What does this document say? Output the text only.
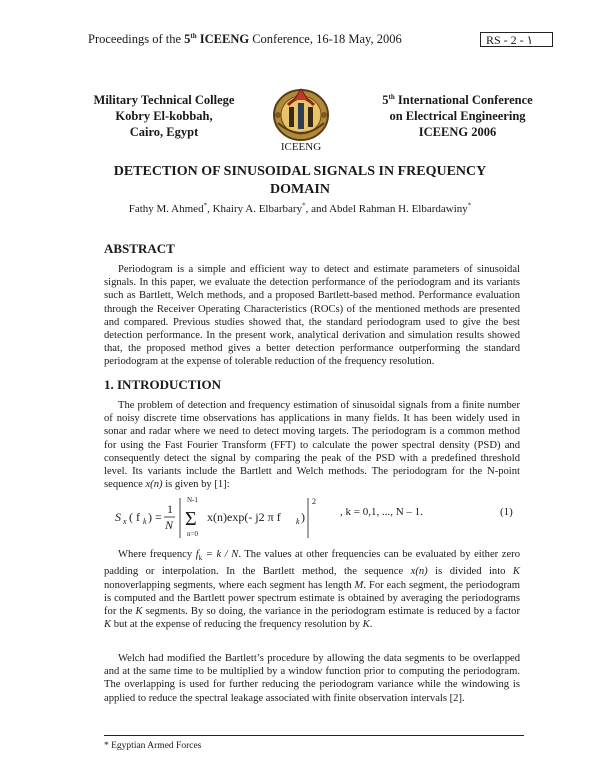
Proceedings of the 5th ICEENG Conference, 16-18 May, 2006	RS - 2 - ١
Military Technical College
Kobry El-kobbah,
Cairo, Egypt
ICEENG
5th International Conference
on Electrical Engineering
ICEENG 2006
DETECTION OF SINUSOIDAL SIGNALS IN FREQUENCY
DOMAIN
Fathy M. Ahmed*, Khairy A. Elbarbary*, and Abdel Rahman H. Elbardawiny*
ABSTRACT

Periodogram is a simple and efficient way to detect and estimate parameters of sinusoidal signals. In this paper, we evaluate the detection performance of the periodogram and its variants such as Bartlett, Welch methods, and a proposed Bartlett-based method. Performance evaluation through the Receiver Operating Characteristics (ROCs) of the mentioned methods are presented and compared. Previous studies showed that, the standard periodogram used to give the best detection performance. In the present work, analytical derivation and simulation results showed that, the proposed method gives a better detection performance outperforming the standard periodogram at the expense of tolerable reduction of the frequency resolution.

1. INTRODUCTION

The problem of detection and frequency estimation of sinusoidal signals from a finite number of noisy discrete time observations has applications in many fields. It has been widely used in sonar and radar where we need to detect moving targets. The periodogram is a common method for using the Fast Fourier Transform (FFT) to calculate the power spectral density (PSD) and consequently detect the signal by comparing the peak of the PSD with a predefined threshold level. Its variants include the Bartlett and Welch methods. The periodogram for the N-point sequence x(n) is given by [1]:

S x ( f k ) =
1
N
N-1
Σ
n=0
x(n)exp(- j2 π f k )
2
, k = 0,1, ..., N – 1.	(1)

Where frequency $f_k = k / N$. The values at other frequencies can be evaluated by either zero padding or interpolation. In the Bartlett method, the sequence x(n) is divided into K nonoverlapping segments, where each segment has length M. For each segment, the periodogram is computed and the Bartlett power spectrum estimate is obtained by averaging the periodograms for the K segments. By so doing, the variance in the periodogram estimate is reduced by a factor K but at the expense of reducing the frequency resolution by K.

Welch had modified the Bartlett’s procedure by allowing the data segments to be overlapped and at the same time to be multiplied by a window function prior to computing the periodogram. The overlapping is used for further reducing the periodogram variance while the windowing is applied to reduce the spectral leakage associated with finite observation intervals [2].

* Egyptian Armed Forces
